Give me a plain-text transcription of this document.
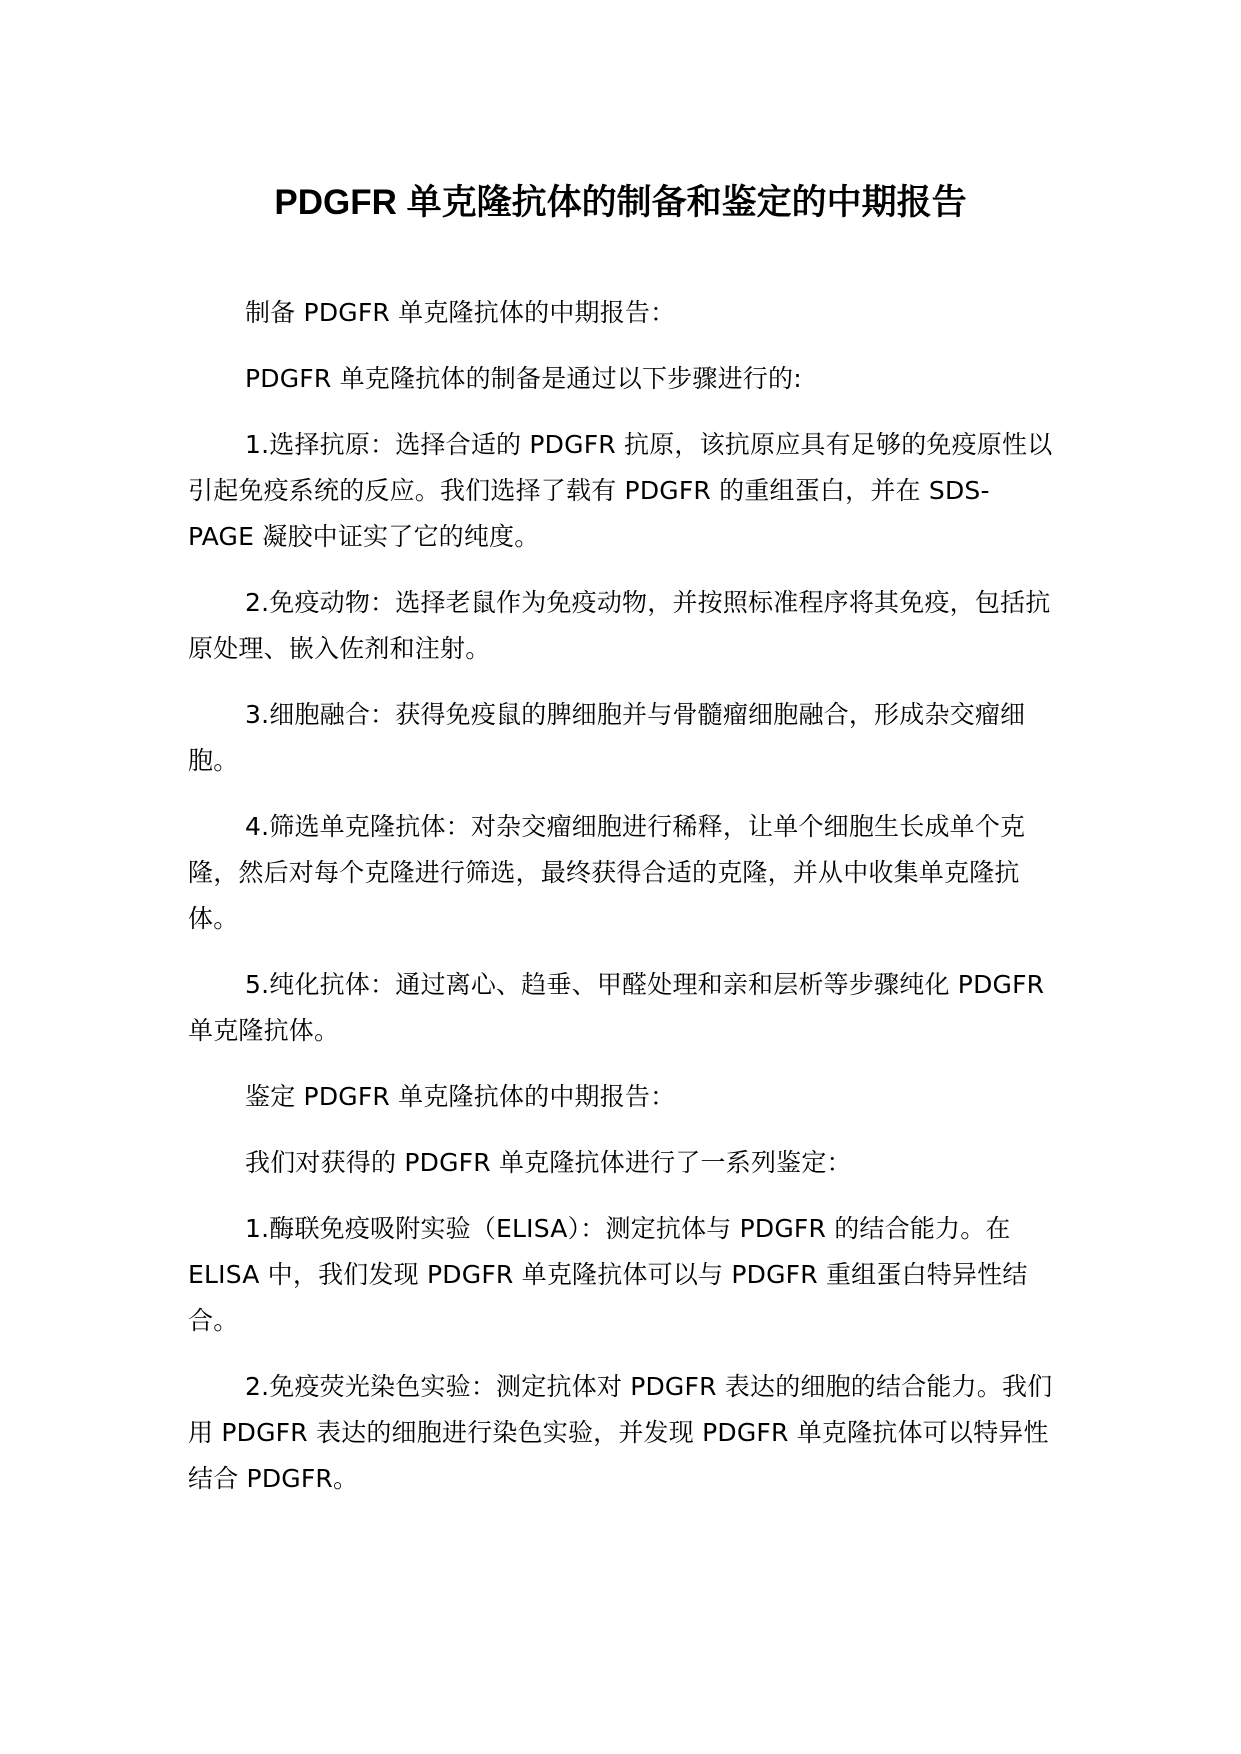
PDGFR 单克隆抗体的制备和鉴定的中期报告

制备 PDGFR 单克隆抗体的中期报告：

PDGFR 单克隆抗体的制备是通过以下步骤进行的:

1.选择抗原：选择合适的 PDGFR 抗原，该抗原应具有足够的免疫原性以引起免疫系统的反应。我们选择了载有 PDGFR 的重组蛋白，并在 SDS-PAGE 凝胶中证实了它的纯度。

2.免疫动物：选择老鼠作为免疫动物，并按照标准程序将其免疫，包括抗原处理、嵌入佐剂和注射。

3.细胞融合：获得免疫鼠的脾细胞并与骨髓瘤细胞融合，形成杂交瘤细胞。

4.筛选单克隆抗体：对杂交瘤细胞进行稀释，让单个细胞生长成单个克隆，然后对每个克隆进行筛选，最终获得合适的克隆，并从中收集单克隆抗体。

5.纯化抗体：通过离心、趋垂、甲醛处理和亲和层析等步骤纯化 PDGFR 单克隆抗体。

鉴定 PDGFR 单克隆抗体的中期报告：

我们对获得的 PDGFR 单克隆抗体进行了一系列鉴定：

1.酶联免疫吸附实验（ELISA）：测定抗体与 PDGFR 的结合能力。在 ELISA 中，我们发现 PDGFR 单克隆抗体可以与 PDGFR 重组蛋白特异性结合。

2.免疫荧光染色实验：测定抗体对 PDGFR 表达的细胞的结合能力。我们用 PDGFR 表达的细胞进行染色实验，并发现 PDGFR 单克隆抗体可以特异性结合 PDGFR。
